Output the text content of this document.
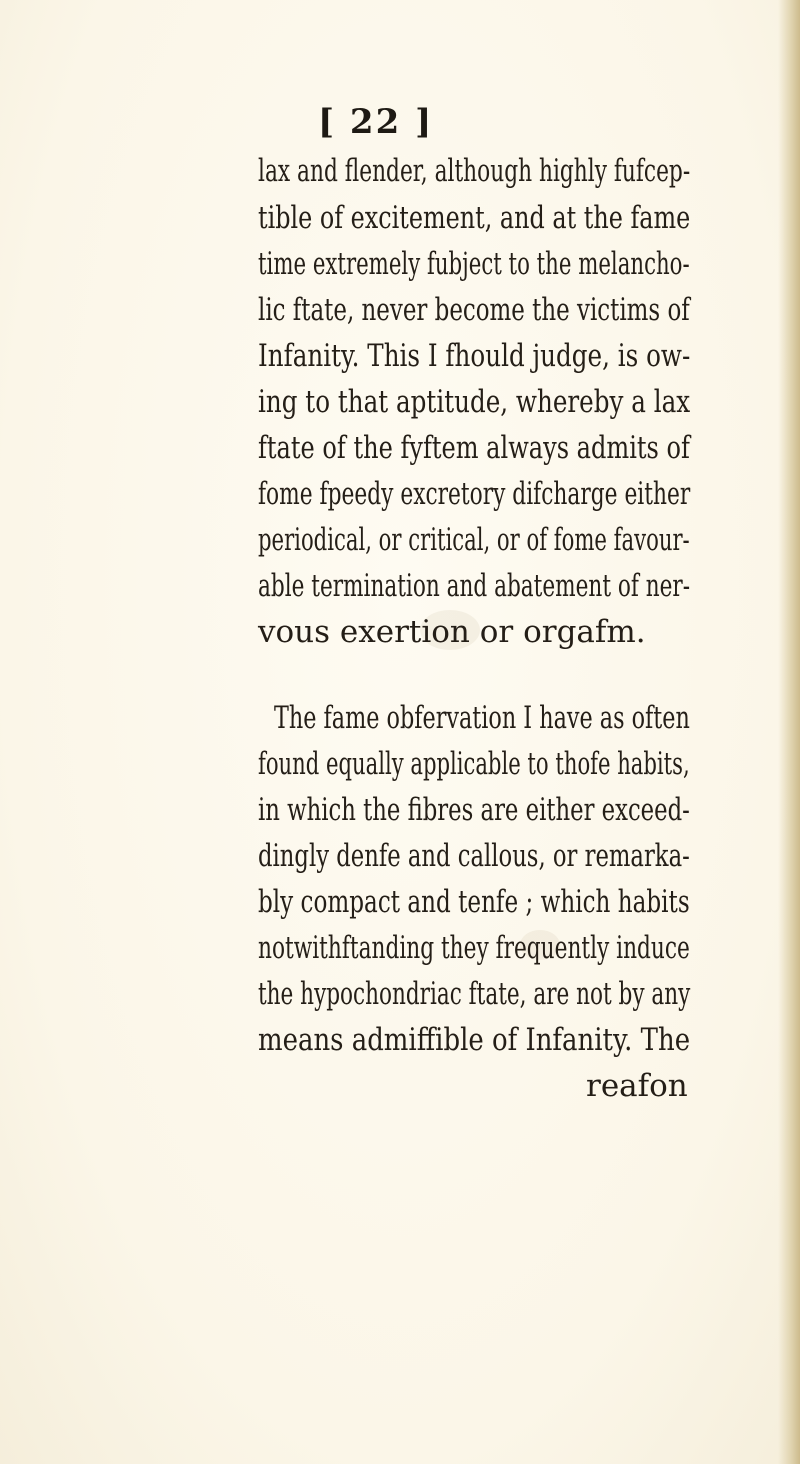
[ 22 ]
lax and flender, although highly fufcep-
tible of excitement, and at the fame
time extremely fubject to the melancho-
lic ftate, never become the victims of
Infanity. This I fhould judge, is ow-
ing to that aptitude, whereby a lax
ftate of the fyftem always admits of
fome fpeedy excretory difcharge either
periodical, or critical, or of fome favour-
able termination and abatement of ner-
vous exertion or orgafm.
The fame obfervation I have as often
found equally applicable to thofe habits,
in which the fibres are either exceed-
dingly denfe and callous, or remarka-
bly compact and tenfe ; which habits
notwithftanding they frequently induce
the hypochondriac ftate, are not by any
means admiffible of Infanity. The
reafon
